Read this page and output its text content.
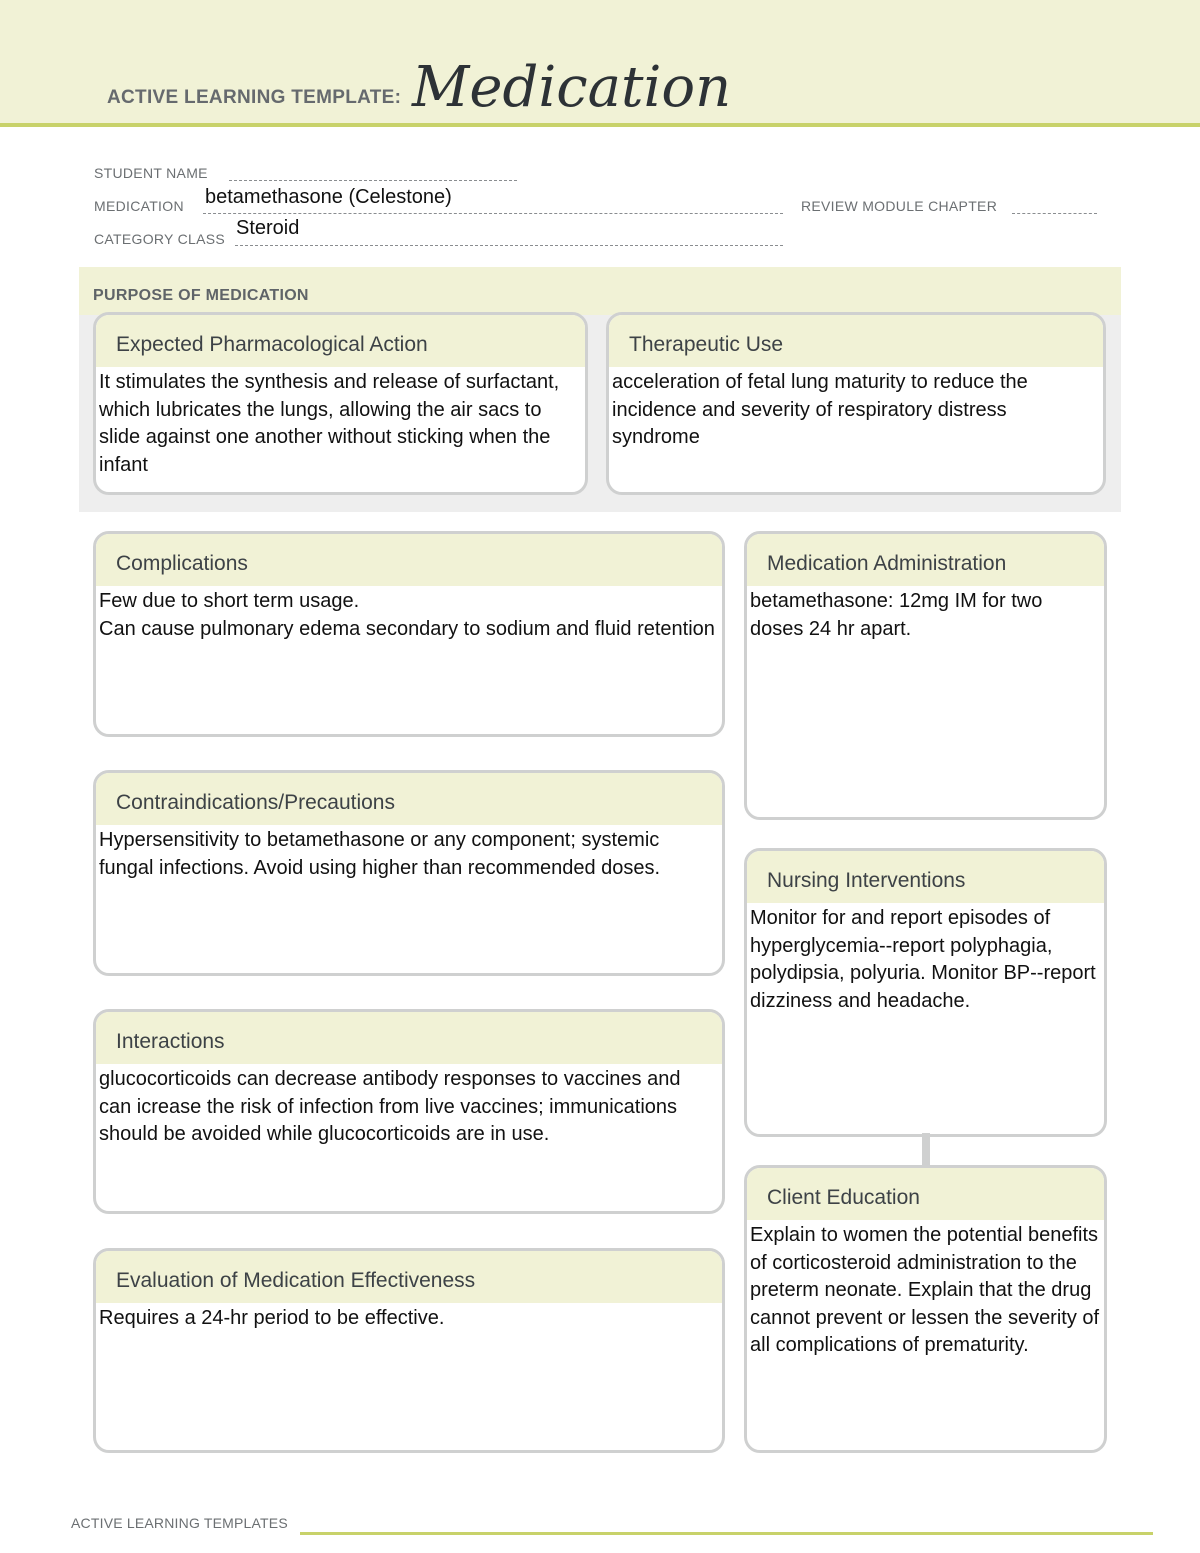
ACTIVE LEARNING TEMPLATE: Medication
STUDENT NAME
MEDICATION betamethasone (Celestone)	REVIEW MODULE CHAPTER
CATEGORY CLASS Steroid
PURPOSE OF MEDICATION
Expected Pharmacological Action
It stimulates the synthesis and release of surfactant, which lubricates the lungs, allowing the air sacs to slide against one another without sticking when the infant
Therapeutic Use
acceleration of fetal lung maturity to reduce the incidence and severity of respiratory distress syndrome
Complications
Few due to short term usage.
Can cause pulmonary edema secondary to sodium and fluid retention
Contraindications/Precautions
Hypersensitivity to betamethasone or any component; systemic fungal infections. Avoid using higher than recommended doses.
Interactions
glucocorticoids can decrease antibody responses to vaccines and can icrease the risk of infection from live vaccines; immunications should be avoided while glucocorticoids are in use.
Evaluation of Medication Effectiveness
Requires a 24-hr period to be effective.
Medication Administration
betamethasone: 12mg IM for two doses 24 hr apart.
Nursing Interventions
Monitor for and report episodes of hyperglycemia--report polyphagia, polydipsia, polyuria. Monitor BP--report dizziness and headache.
Client Education
Explain to women the potential benefits of corticosteroid administration to the preterm neonate. Explain that the drug cannot prevent or lessen the severity of all complications of prematurity.
ACTIVE LEARNING TEMPLATES
